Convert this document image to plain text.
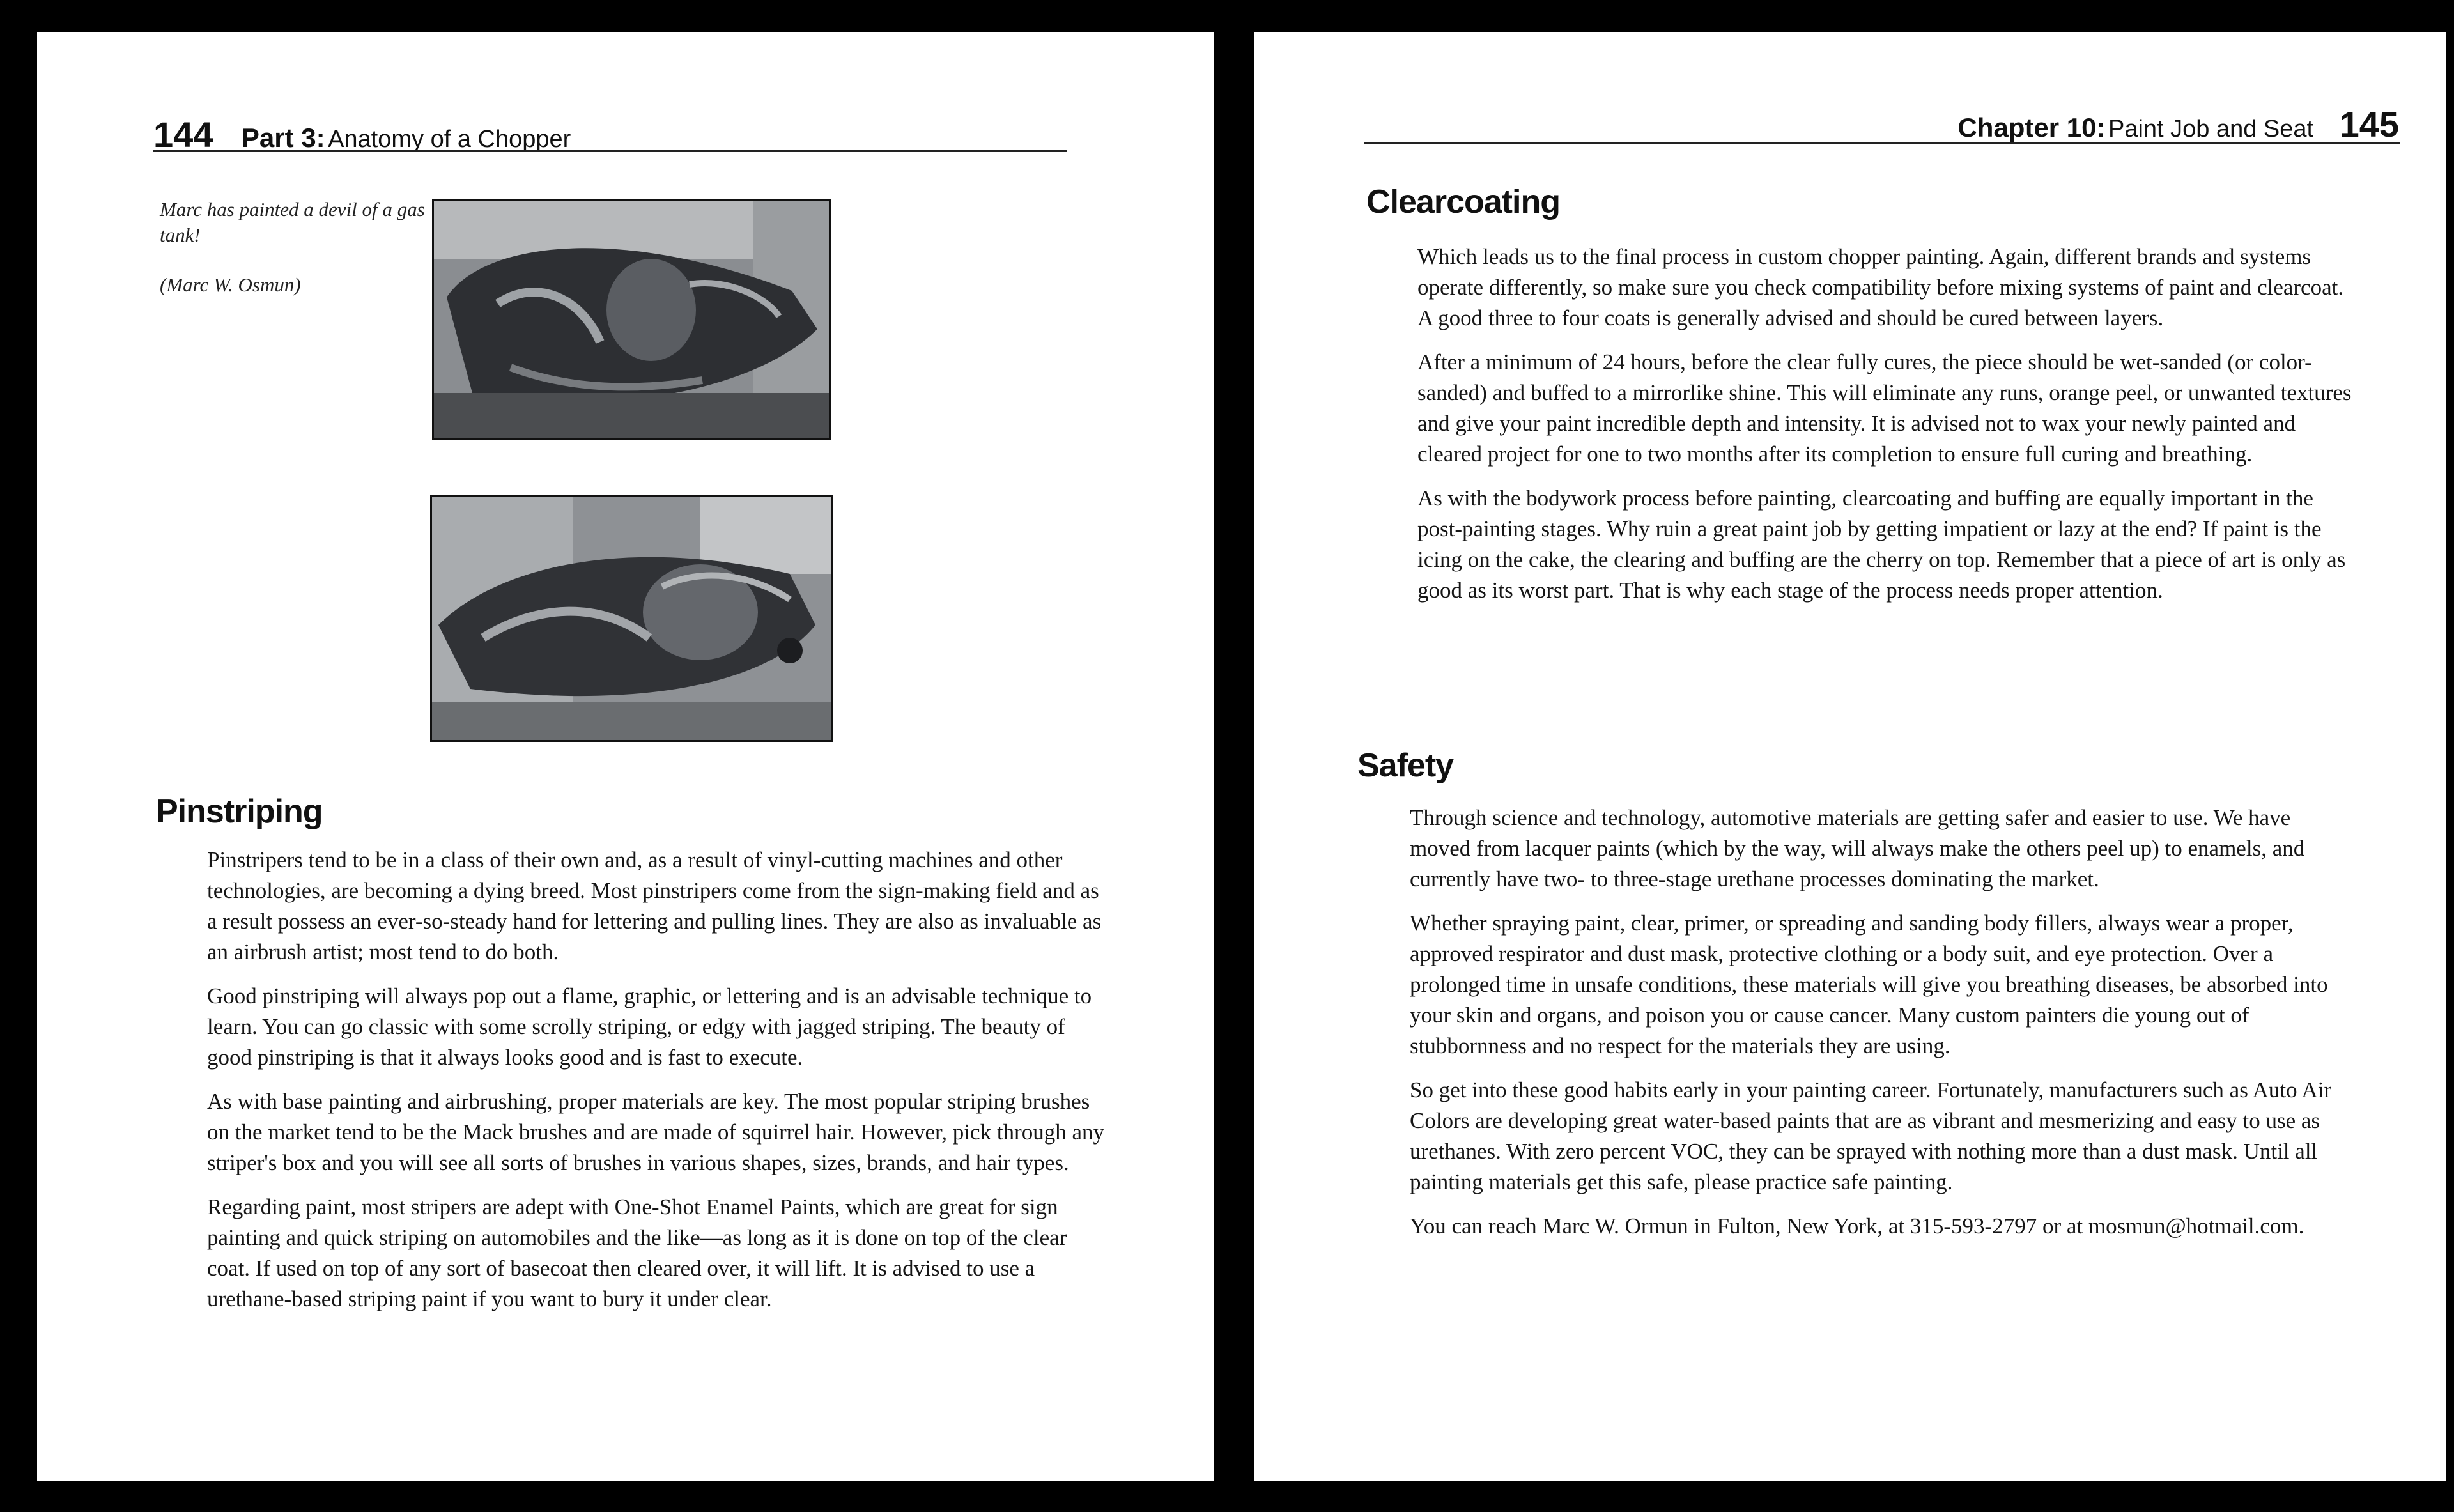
144 Part 3: Anatomy of a Chopper

Marc has painted a devil of a gas tank!

(Marc W. Osmun)

Pinstriping

Pinstripers tend to be in a class of their own and, as a result of vinyl-cutting machines and other technologies, are becoming a dying breed. Most pinstripers come from the sign-making field and as a result possess an ever-so-steady hand for lettering and pulling lines. They are also as invaluable as an airbrush artist; most tend to do both.

Good pinstriping will always pop out a flame, graphic, or lettering and is an advisable technique to learn. You can go classic with some scrolly striping, or edgy with jagged striping. The beauty of good pinstriping is that it always looks good and is fast to execute.

As with base painting and airbrushing, proper materials are key. The most popular striping brushes on the market tend to be the Mack brushes and are made of squirrel hair. However, pick through any striper's box and you will see all sorts of brushes in various shapes, sizes, brands, and hair types.

Regarding paint, most stripers are adept with One-Shot Enamel Paints, which are great for sign painting and quick striping on automobiles and the like—as long as it is done on top of the clear coat. If used on top of any sort of basecoat then cleared over, it will lift. It is advised to use a urethane-based striping paint if you want to bury it under clear.

Chapter 10: Paint Job and Seat 145
Clearcoating

Which leads us to the final process in custom chopper painting. Again, different brands and systems operate differently, so make sure you check compatibility before mixing systems of paint and clearcoat. A good three to four coats is generally advised and should be cured between layers.

After a minimum of 24 hours, before the clear fully cures, the piece should be wet-sanded (or color-sanded) and buffed to a mirrorlike shine. This will eliminate any runs, orange peel, or unwanted textures and give your paint incredible depth and intensity. It is advised not to wax your newly painted and cleared project for one to two months after its completion to ensure full curing and breathing.

As with the bodywork process before painting, clearcoating and buffing are equally important in the post-painting stages. Why ruin a great paint job by getting impatient or lazy at the end? If paint is the icing on the cake, the clearing and buffing are the cherry on top. Remember that a piece of art is only as good as its worst part. That is why each stage of the process needs proper attention.

Safety

Through science and technology, automotive materials are getting safer and easier to use. We have moved from lacquer paints (which by the way, will always make the others peel up) to enamels, and currently have two- to three-stage urethane processes dominating the market.

Whether spraying paint, clear, primer, or spreading and sanding body fillers, always wear a proper, approved respirator and dust mask, protective clothing or a body suit, and eye protection. Over a prolonged time in unsafe conditions, these materials will give you breathing diseases, be absorbed into your skin and organs, and poison you or cause cancer. Many custom painters die young out of stubbornness and no respect for the materials they are using.

So get into these good habits early in your painting career. Fortunately, manufacturers such as Auto Air Colors are developing great water-based paints that are as vibrant and mesmerizing and easy to use as urethanes. With zero percent VOC, they can be sprayed with nothing more than a dust mask. Until all painting materials get this safe, please practice safe painting.

You can reach Marc W. Ormun in Fulton, New York, at 315-593-2797 or at mosmun@hotmail.com.
